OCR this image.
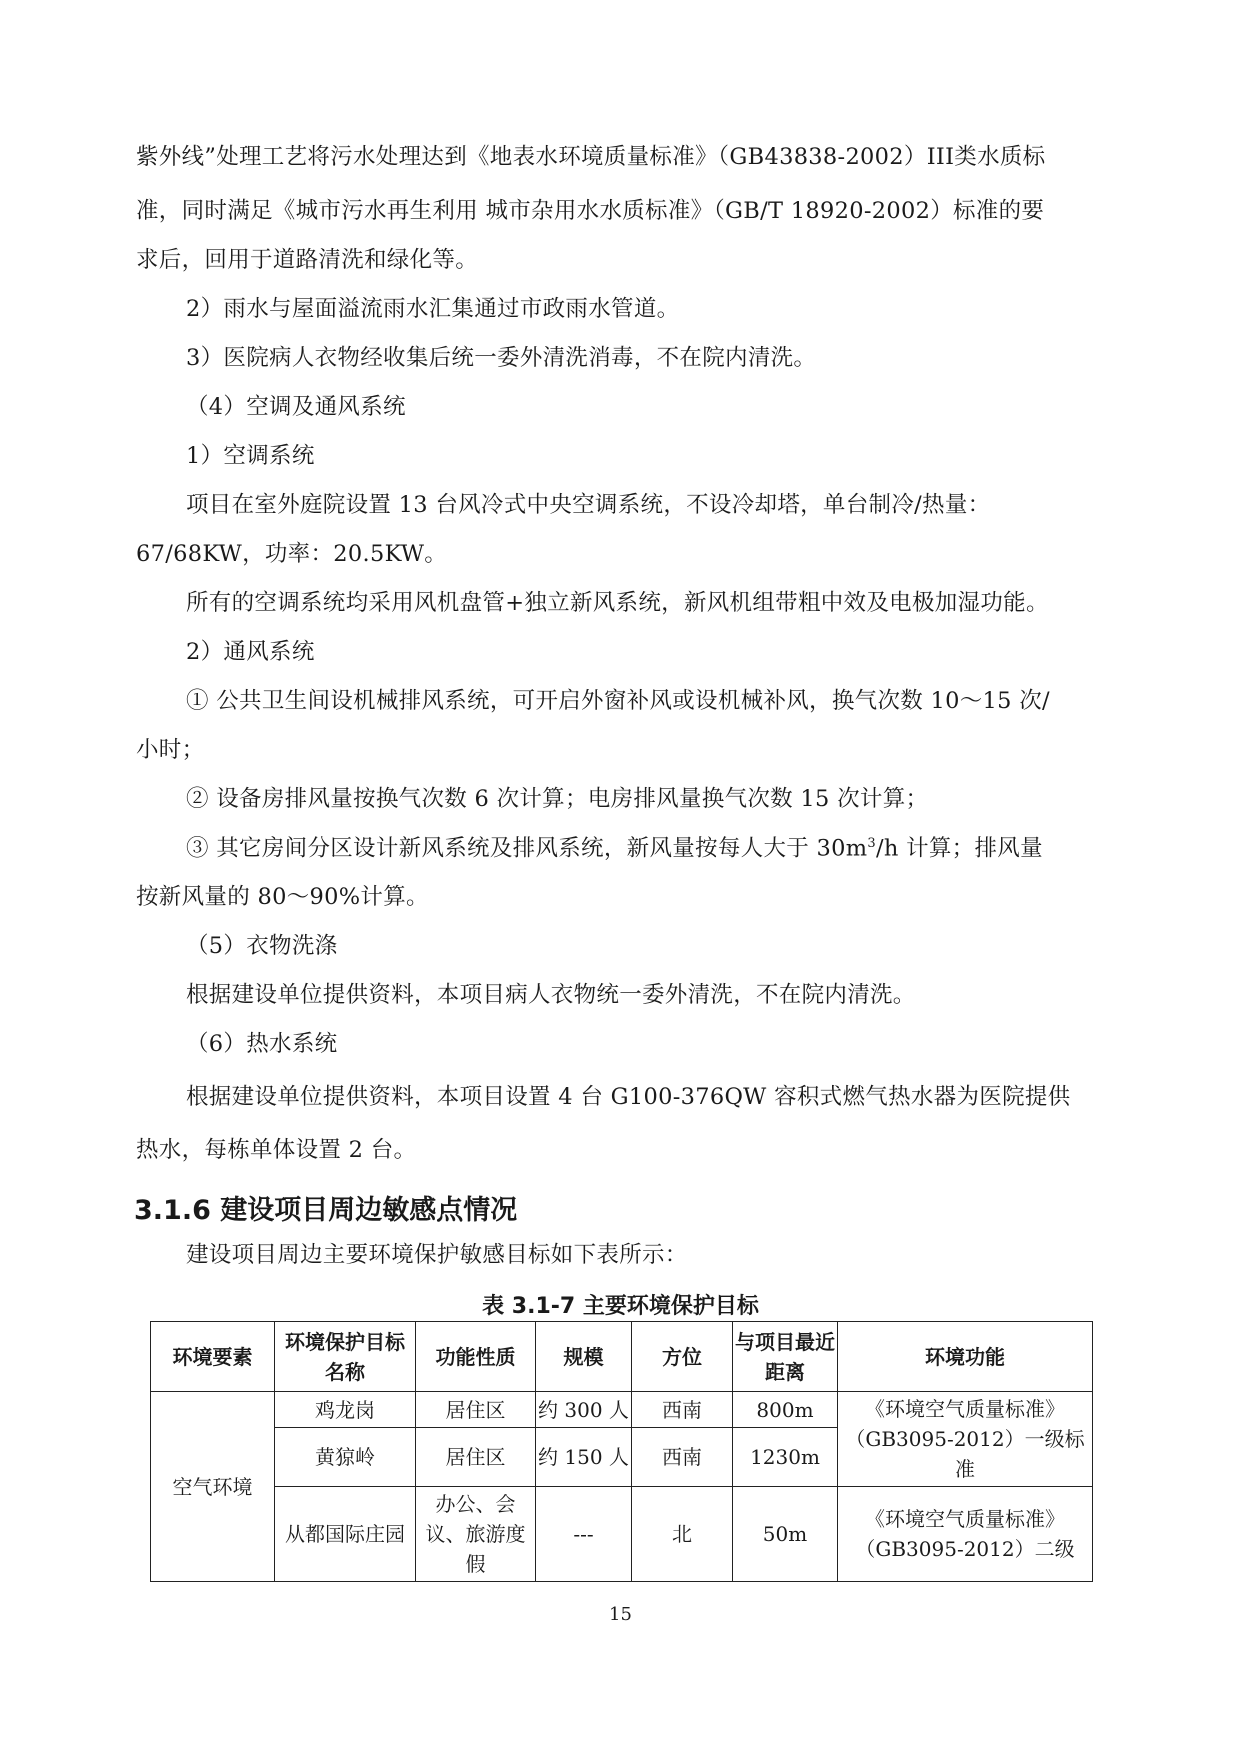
紫外线”处理工艺将污水处理达到《地表水环境质量标准》（GB43838-2002）III类水质标
准，同时满足《城市污水再生利用 城市杂用水水质标准》（GB/T 18920-2002）标准的要
求后，回用于道路清洗和绿化等。
2）雨水与屋面溢流雨水汇集通过市政雨水管道。
3）医院病人衣物经收集后统一委外清洗消毒，不在院内清洗。
（4）空调及通风系统
1）空调系统
项目在室外庭院设置 13 台风冷式中央空调系统，不设冷却塔，单台制冷/热量：
67/68KW，功率：20.5KW。
所有的空调系统均采用风机盘管+独立新风系统，新风机组带粗中效及电极加湿功能。
2）通风系统
① 公共卫生间设机械排风系统，可开启外窗补风或设机械补风，换气次数 10～15 次/
小时；
② 设备房排风量按换气次数 6 次计算；电房排风量换气次数 15 次计算；
③ 其它房间分区设计新风系统及排风系统，新风量按每人大于 $30m^3/h$ 计算；排风量
按新风量的 80～90%计算。
（5）衣物洗涤
根据建设单位提供资料，本项目病人衣物统一委外清洗，不在院内清洗。
（6）热水系统
根据建设单位提供资料，本项目设置 4 台 G100-376QW 容积式燃气热水器为医院提供
热水，每栋单体设置 2 台。
3.1.6 建设项目周边敏感点情况
建设项目周边主要环境保护敏感目标如下表所示：
表 3.1-7 主要环境保护目标
环境要素	环境保护目标名称	功能性质	规模	方位	与项目最近距离	环境功能
空气环境	鸡龙岗	居住区	约 300 人	西南	800m	《环境空气质量标准》（GB3095-2012）一级标准
	黄猄岭	居住区	约 150 人	西南	1230m	
	从都国际庄园	办公、会议、旅游度假	---	北	50m	《环境空气质量标准》（GB3095-2012）二级
15
